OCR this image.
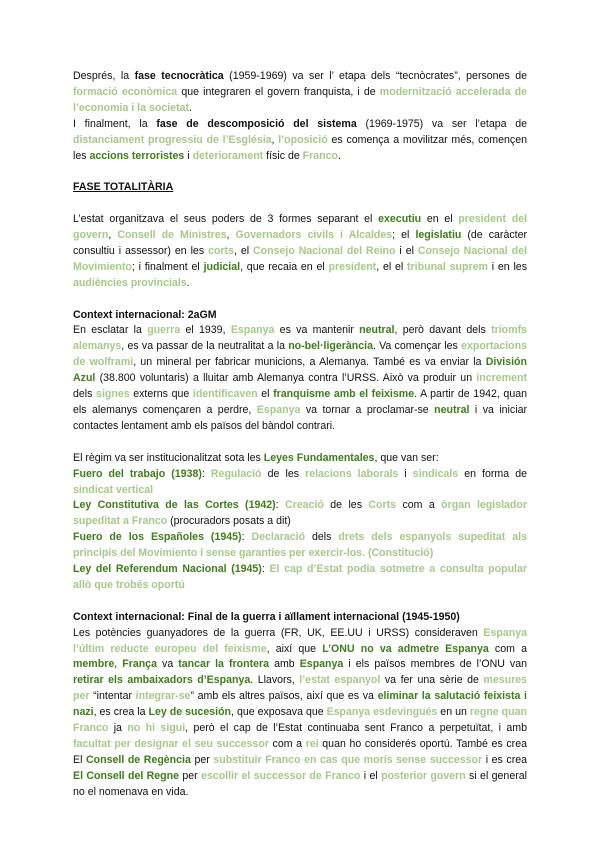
Després, la fase tecnocràtica (1959-1969) va ser l’ etapa dels “tecnòcrates”, persones de formació econòmica que integraren el govern franquista, i de modernització accelerada de l’economia i la societat.

I finalment, la fase de descomposició del sistema (1969-1975) va ser l’etapa de distanciament progressiu de l’Església, l’oposició es comença a movilitzar més, començen les accions terroristes i deteriorament físic de Franco.

FASE TOTALITÀRIA

L’estat organitzava el seus poders de 3 formes separant el executiu en el president del govern, Consell de Ministres, Governadors civils i Alcaldes; el legislatiu (de caràcter consultiu i assessor) en les corts, el Consejo Nacional del Reino i el Consejo Nacional del Movimiento; i finalment el judicial, que recaia en el president, el el tribunal suprem i en les audiències provincials.

Context internacional: 2aGM

En esclatar la guerra el 1939, Espanya es va mantenir neutral, però davant dels triomfs alemanys, es va passar de la neutralitat a la no-bel·ligerància. Va començar les exportacions de wolframi, un mineral per fabricar municions, a Alemanya. També es va enviar la División Azul (38.800 voluntaris) a lluitar amb Alemanya contra l’URSS. Això va produir un increment dels signes externs que identificaven el franquisme amb el feixisme. A partir de 1942, quan els alemanys començaren a perdre, Espanya va tornar a proclamar-se neutral i va iniciar contactes lentament amb els països del bàndol contrari.

El règim va ser institucionalitzat sota les Leyes Fundamentales, que van ser:

Fuero del trabajo (1938): Regulació de les relacions laborals i sindicals en forma de sindicat vertical

Ley Constitutiva de las Cortes (1942): Creació de les Corts com a òrgan legislador supeditat a Franco (procuradors posats a dit)

Fuero de los Españoles (1945): Declaració dels drets dels espanyols supeditat als principis del Movimiento i sense garanties per exercir-los. (Constitució)

Ley del Referendum Nacional (1945): El cap d’Estat podia sotmetre a consulta popular allò que trobés oportú

Context internacional: Final de la guerra i aïllament internacional (1945-1950)

Les potències guanyadores de la guerra (FR, UK, EE.UU i URSS) consideraven Espanya l’últim reducte europeu del feixisme, així que L’ONU no va admetre Espanya com a membre, França va tancar la frontera amb Espanya i els països membres de l’ONU van retirar els ambaixadors d’Espanya. Llavors, l’estat espanyol va fer una sèrie de mesures per “intentar integrar-se” amb els altres països, així que es va eliminar la salutació feixista i nazi, es crea la Ley de sucesión, que exposava que Espanya esdevingués en un regne quan Franco ja no hi sigui, però el cap de l’Estat continuaba sent Franco a perpetuïtat, i amb facultat per designar el seu successor com a rei quan ho considerés oportú. També es crea El Consell de Regència per substituir Franco en cas que morís sense successor i es crea El Consell del Regne per escollir el successor de Franco i el posterior govern si el general no el nomenava en vida.
